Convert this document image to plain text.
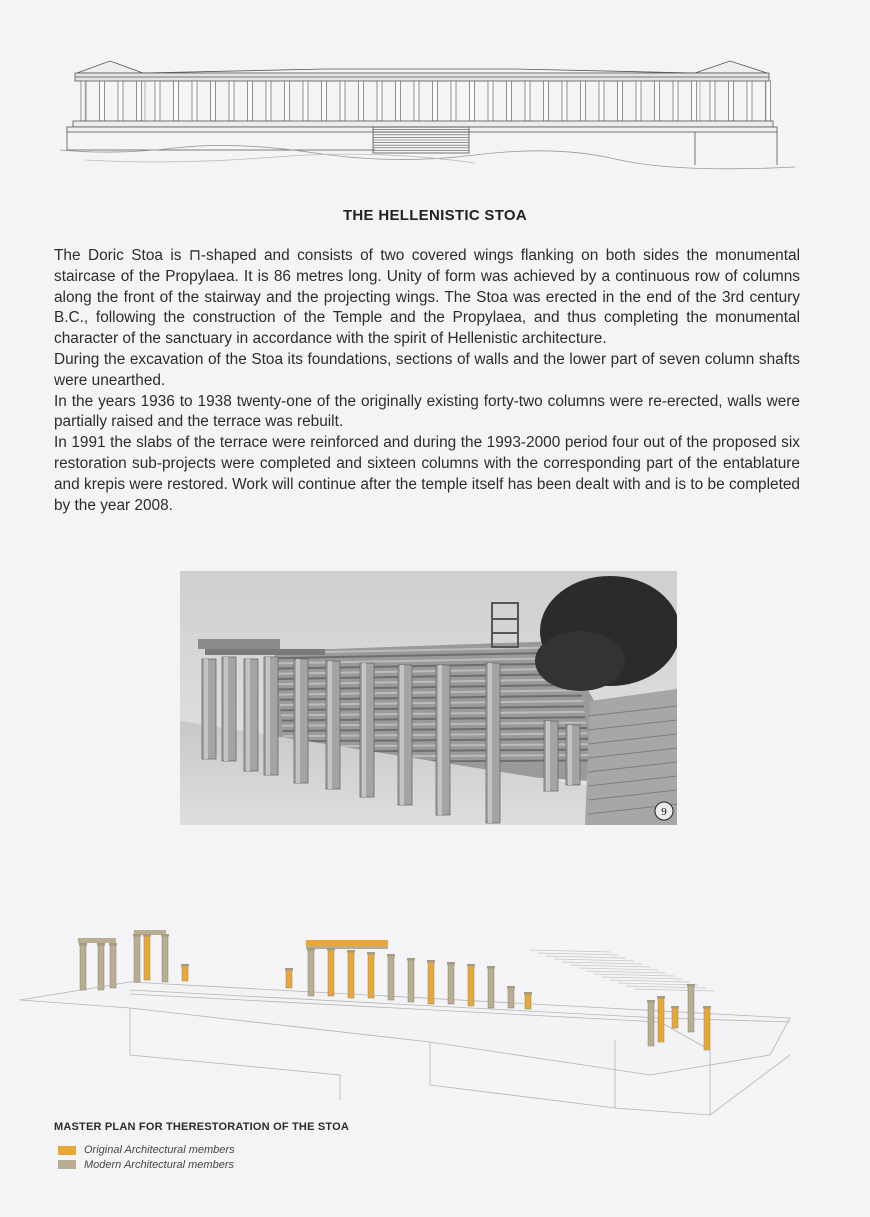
THE HELLENISTIC STOA

The Doric Stoa is ⊓-shaped and consists of two covered wings flanking on both sides the monumental staircase of the Propylaea. It is 86 metres long. Unity of form was achieved by a continuous row of columns along the front of the stairway and the projecting wings. The Stoa was erected in the end of the 3rd century B.C., following the construction of the Temple and the Propylaea, and thus completing the monumental character of the sanctuary in accordance with the spirit of Hellenistic architecture.

During the excavation of the Stoa its foundations, sections of walls and the lower part of seven column shafts were unearthed.

In the years 1936 to 1938 twenty-one of the originally existing forty-two columns were re-erected, walls were partially raised and the terrace was rebuilt.

In 1991 the slabs of the terrace were reinforced and during the 1993-2000 period four out of the proposed six restoration sub-projects were completed and sixteen columns with the corresponding part of the entablature and krepis were restored. Work will continue after the temple itself has been dealt with and is to be completed by the year 2008.

9
MASTER PLAN FOR THERESTORATION OF THE STOA
Original Architectural members
Modern Architectural members
